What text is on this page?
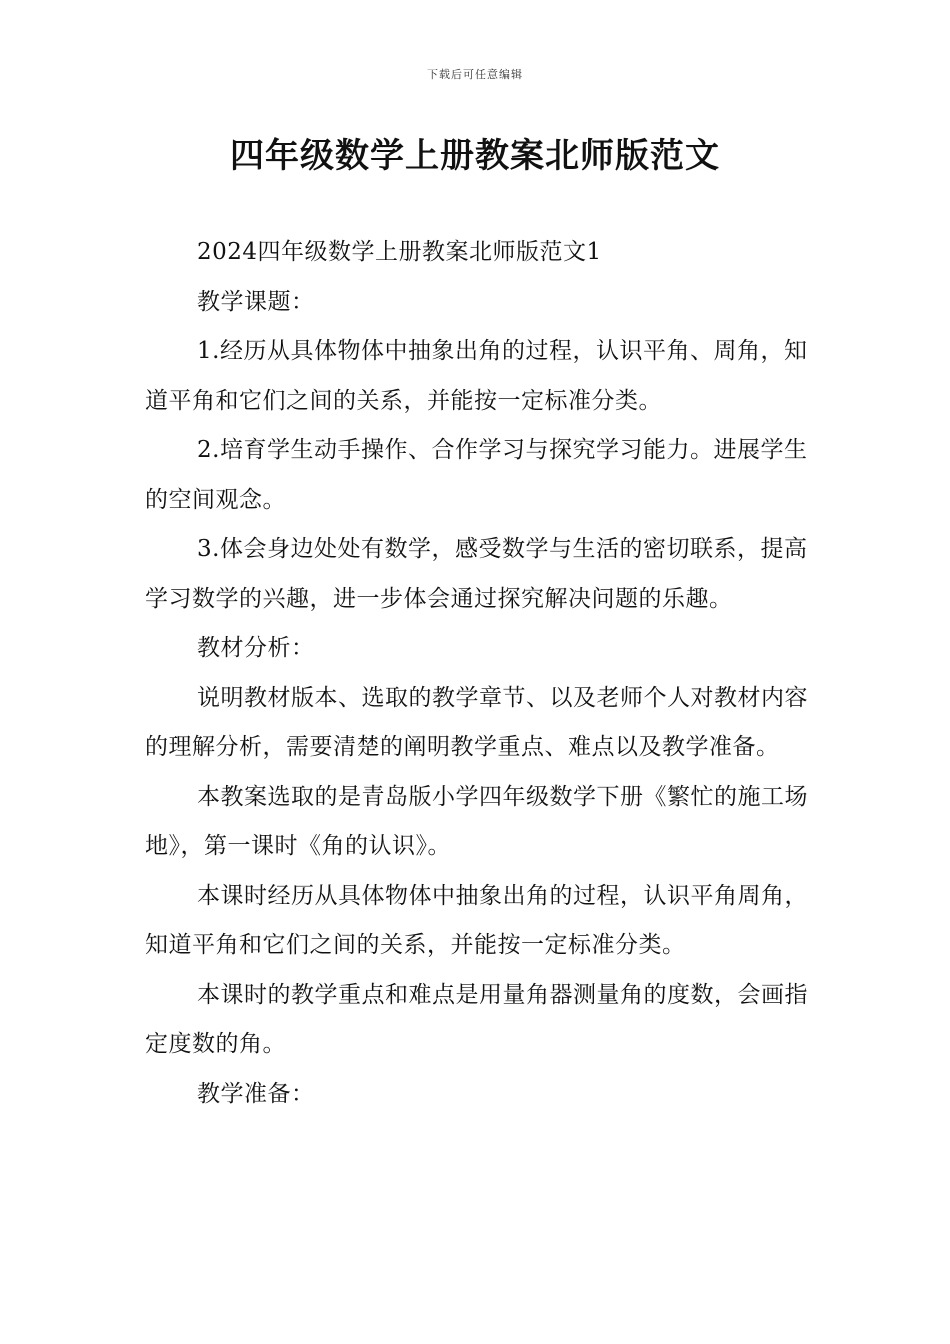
下载后可任意编辑
四年级数学上册教案北师版范文

2024四年级数学上册教案北师版范文1

教学课题：

1.经历从具体物体中抽象出角的过程，认识平角、周角，知道平角和它们之间的关系，并能按一定标准分类。

2.培育学生动手操作、合作学习与探究学习能力。进展学生的空间观念。

3.体会身边处处有数学，感受数学与生活的密切联系，提高学习数学的兴趣，进一步体会通过探究解决问题的乐趣。

教材分析：

说明教材版本、选取的教学章节、以及老师个人对教材内容的理解分析，需要清楚的阐明教学重点、难点以及教学准备。

本教案选取的是青岛版小学四年级数学下册《繁忙的施工场地》，第一课时《角的认识》。

本课时经历从具体物体中抽象出角的过程，认识平角周角，知道平角和它们之间的关系，并能按一定标准分类。

本课时的教学重点和难点是用量角器测量角的度数，会画指定度数的角。

教学准备：
